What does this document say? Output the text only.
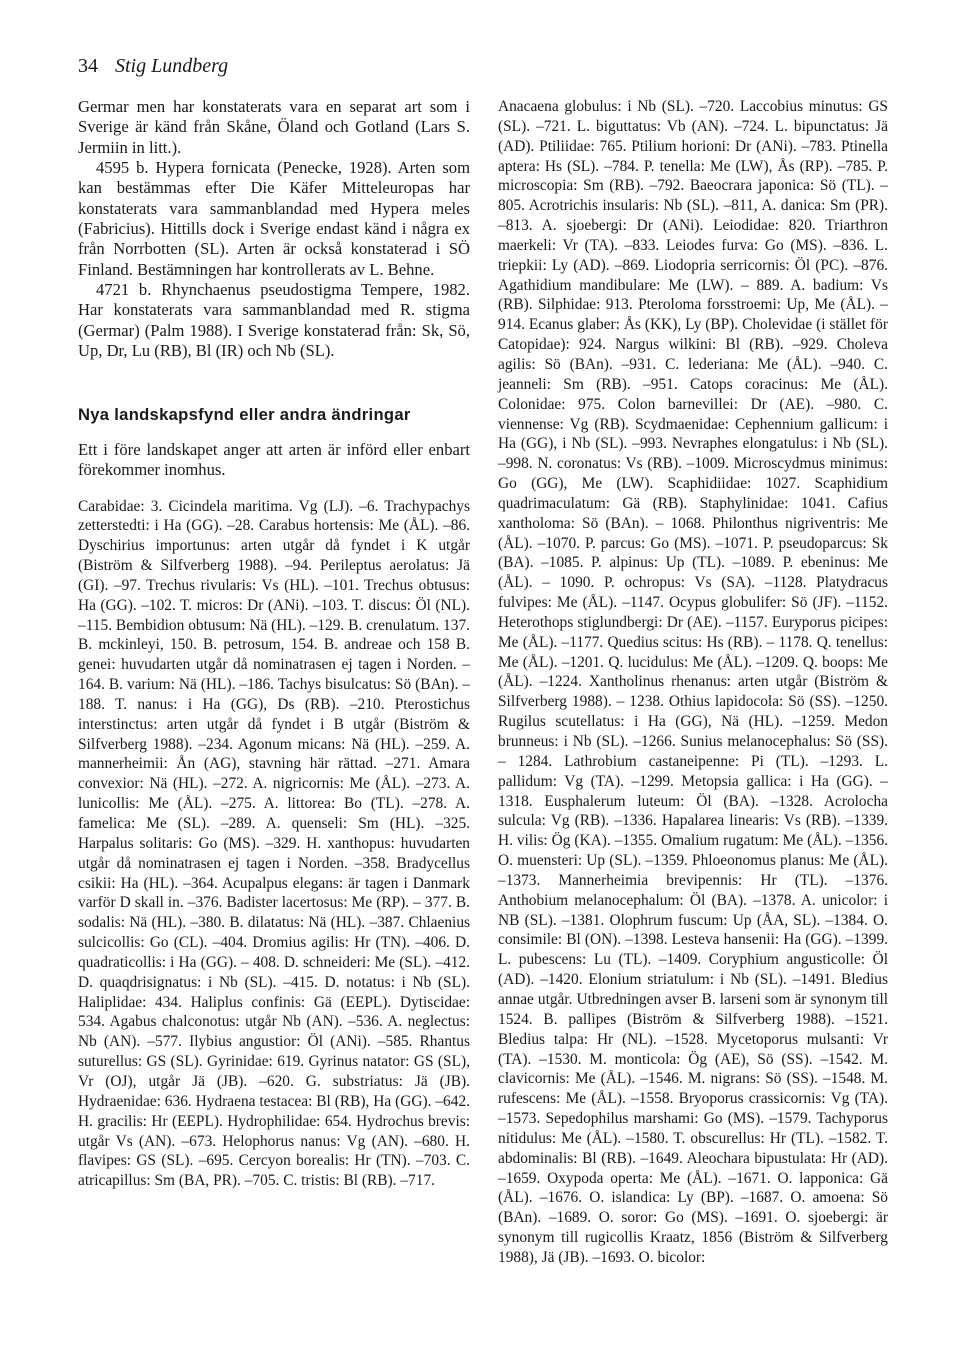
34 Stig Lundberg

Germar men har konstaterats vara en separat art som i Sverige är känd från Skåne, Öland och Gotland (Lars S. Jermiin in litt.).

4595 b. Hypera fornicata (Penecke, 1928). Arten som kan bestämmas efter Die Käfer Mitteleuropas har konstaterats vara sammanblandad med Hypera meles (Fabricius). Hittills dock i Sverige endast känd i några ex från Norrbotten (SL). Arten är också konstaterad i SÖ Finland. Bestämningen har kontrollerats av L. Behne.

4721 b. Rhynchaenus pseudostigma Tempere, 1982. Har konstaterats vara sammanblandad med R. stigma (Germar) (Palm 1988). I Sverige konstaterad från: Sk, Sö, Up, Dr, Lu (RB), Bl (IR) och Nb (SL).

Nya landskapsfynd eller andra ändringar

Ett i före landskapet anger att arten är införd eller enbart förekommer inomhus.

Carabidae: 3. Cicindela maritima. Vg (LJ). –6. Trachypachys zetterstedti: i Ha (GG). –28. Carabus hortensis: Me (ÅL). –86. Dyschirius importunus: arten utgår då fyndet i K utgår (Biström & Silfverberg 1988). –94. Perileptus aerolatus: Jä (GI). –97. Trechus rivularis: Vs (HL). –101. Trechus obtusus: Ha (GG). –102. T. micros: Dr (ANi). –103. T. discus: Öl (NL). –115. Bembidion obtusum: Nä (HL). –129. B. crenulatum. 137. B. mckinleyi, 150. B. petrosum, 154. B. andreae och 158 B. genei: huvudarten utgår då nominatrasen ej tagen i Norden. – 164. B. varium: Nä (HL). –186. Tachys bisulcatus: Sö (BAn). –188. T. nanus: i Ha (GG), Ds (RB). –210. Pterostichus interstinctus: arten utgår då fyndet i B utgår (Biström & Silfverberg 1988). –234. Agonum micans: Nä (HL). –259. A. mannerheimii: Ån (AG), stavning här rättad. –271. Amara convexior: Nä (HL). –272. A. nigricornis: Me (ÅL). –273. A. lunicollis: Me (ÅL). –275. A. littorea: Bo (TL). –278. A. famelica: Me (SL). –289. A. quenseli: Sm (HL). –325. Harpalus solitaris: Go (MS). –329. H. xanthopus: huvudarten utgår då nominatrasen ej tagen i Norden. –358. Bradycellus csikii: Ha (HL). –364. Acupalpus elegans: är tagen i Danmark varför D skall in. –376. Badister lacertosus: Me (RP). – 377. B. sodalis: Nä (HL). –380. B. dilatatus: Nä (HL). –387. Chlaenius sulcicollis: Go (CL). –404. Dromius agilis: Hr (TN). –406. D. quadraticollis: i Ha (GG). – 408. D. schneideri: Me (SL). –412. D. quaqdrisignatus: i Nb (SL). –415. D. notatus: i Nb (SL). Haliplidae: 434. Haliplus confinis: Gä (EEPL). Dytiscidae: 534. Agabus chalconotus: utgår Nb (AN). –536. A. neglectus: Nb (AN). –577. Ilybius angustior: Öl (ANi). –585. Rhantus suturellus: GS (SL). Gyrinidae: 619. Gyrinus natator: GS (SL), Vr (OJ), utgår Jä (JB). –620. G. substriatus: Jä (JB). Hydraenidae: 636. Hydraena testacea: Bl (RB), Ha (GG). –642. H. gracilis: Hr (EEPL). Hydrophilidae: 654. Hydrochus brevis: utgår Vs (AN). –673. Helophorus nanus: Vg (AN). –680. H. flavipes: GS (SL). –695. Cercyon borealis: Hr (TN). –703. C. atricapillus: Sm (BA, PR). –705. C. tristis: Bl (RB). –717.

Anacaena globulus: i Nb (SL). –720. Laccobius minutus: GS (SL). –721. L. biguttatus: Vb (AN). –724. L. bipunctatus: Jä (AD). Ptiliidae: 765. Ptilium horioni: Dr (ANi). –783. Ptinella aptera: Hs (SL). –784. P. tenella: Me (LW), Ås (RP). –785. P. microscopia: Sm (RB). –792. Baeocrara japonica: Sö (TL). –805. Acrotrichis insularis: Nb (SL). –811, A. danica: Sm (PR). –813. A. sjoebergi: Dr (ANi). Leiodidae: 820. Triarthron maerkeli: Vr (TA). –833. Leiodes furva: Go (MS). –836. L. triepkii: Ly (AD). –869. Liodopria serricornis: Öl (PC). –876. Agathidium mandibulare: Me (LW). – 889. A. badium: Vs (RB). Silphidae: 913. Pteroloma forsstroemi: Up, Me (ÅL). –914. Ecanus glaber: Ås (KK), Ly (BP). Cholevidae (i stället för Catopidae): 924. Nargus wilkini: Bl (RB). –929. Choleva agilis: Sö (BAn). –931. C. lederiana: Me (ÅL). –940. C. jeanneli: Sm (RB). –951. Catops coracinus: Me (ÅL). Colonidae: 975. Colon barnevillei: Dr (AE). –980. C. viennense: Vg (RB). Scydmaenidae: Cephennium gallicum: i Ha (GG), i Nb (SL). –993. Nevraphes elongatulus: i Nb (SL). –998. N. coronatus: Vs (RB). –1009. Microscydmus minimus: Go (GG), Me (LW). Scaphidiidae: 1027. Scaphidium quadrimaculatum: Gä (RB). Staphylinidae: 1041. Cafius xantholoma: Sö (BAn). – 1068. Philonthus nigriventris: Me (ÅL). –1070. P. parcus: Go (MS). –1071. P. pseudoparcus: Sk (BA). –1085. P. alpinus: Up (TL). –1089. P. ebeninus: Me (ÅL). – 1090. P. ochropus: Vs (SA). –1128. Platydracus fulvipes: Me (ÅL). –1147. Ocypus globulifer: Sö (JF). –1152. Heterothops stiglundbergi: Dr (AE). –1157. Euryporus picipes: Me (ÅL). –1177. Quedius scitus: Hs (RB). – 1178. Q. tenellus: Me (ÅL). –1201. Q. lucidulus: Me (ÅL). –1209. Q. boops: Me (ÅL). –1224. Xantholinus rhenanus: arten utgår (Biström & Silfverberg 1988). – 1238. Othius lapidocola: Sö (SS). –1250. Rugilus scutellatus: i Ha (GG), Nä (HL). –1259. Medon brunneus: i Nb (SL). –1266. Sunius melanocephalus: Sö (SS). – 1284. Lathrobium castaneipenne: Pi (TL). –1293. L. pallidum: Vg (TA). –1299. Metopsia gallica: i Ha (GG). –1318. Eusphalerum luteum: Öl (BA). –1328. Acrolocha sulcula: Vg (RB). –1336. Hapalarea linearis: Vs (RB). –1339. H. vilis: Ög (KA). –1355. Omalium rugatum: Me (ÅL). –1356. O. muensteri: Up (SL). –1359. Phloeonomus planus: Me (ÅL). –1373. Mannerheimia brevipennis: Hr (TL). –1376. Anthobium melanocephalum: Öl (BA). –1378. A. unicolor: i NB (SL). –1381. Olophrum fuscum: Up (ÅA, SL). –1384. O. consimile: Bl (ON). –1398. Lesteva hansenii: Ha (GG). –1399. L. pubescens: Lu (TL). –1409. Coryphium angusticolle: Öl (AD). –1420. Elonium striatulum: i Nb (SL). –1491. Bledius annae utgår. Utbredningen avser B. larseni som är synonym till 1524. B. pallipes (Biström & Silfverberg 1988). –1521. Bledius talpa: Hr (NL). –1528. Mycetoporus mulsanti: Vr (TA). –1530. M. monticola: Ög (AE), Sö (SS). –1542. M. clavicornis: Me (ÅL). –1546. M. nigrans: Sö (SS). –1548. M. rufescens: Me (ÅL). –1558. Bryoporus crassicornis: Vg (TA). –1573. Sepedophilus marshami: Go (MS). –1579. Tachyporus nitidulus: Me (ÅL). –1580. T. obscurellus: Hr (TL). –1582. T. abdominalis: Bl (RB). –1649. Aleochara bipustulata: Hr (AD). –1659. Oxypoda operta: Me (ÅL). –1671. O. lapponica: Gä (ÅL). –1676. O. islandica: Ly (BP). –1687. O. amoena: Sö (BAn). –1689. O. soror: Go (MS). –1691. O. sjoebergi: är synonym till rugicollis Kraatz, 1856 (Biström & Silfverberg 1988), Jä (JB). –1693. O. bicolor:
